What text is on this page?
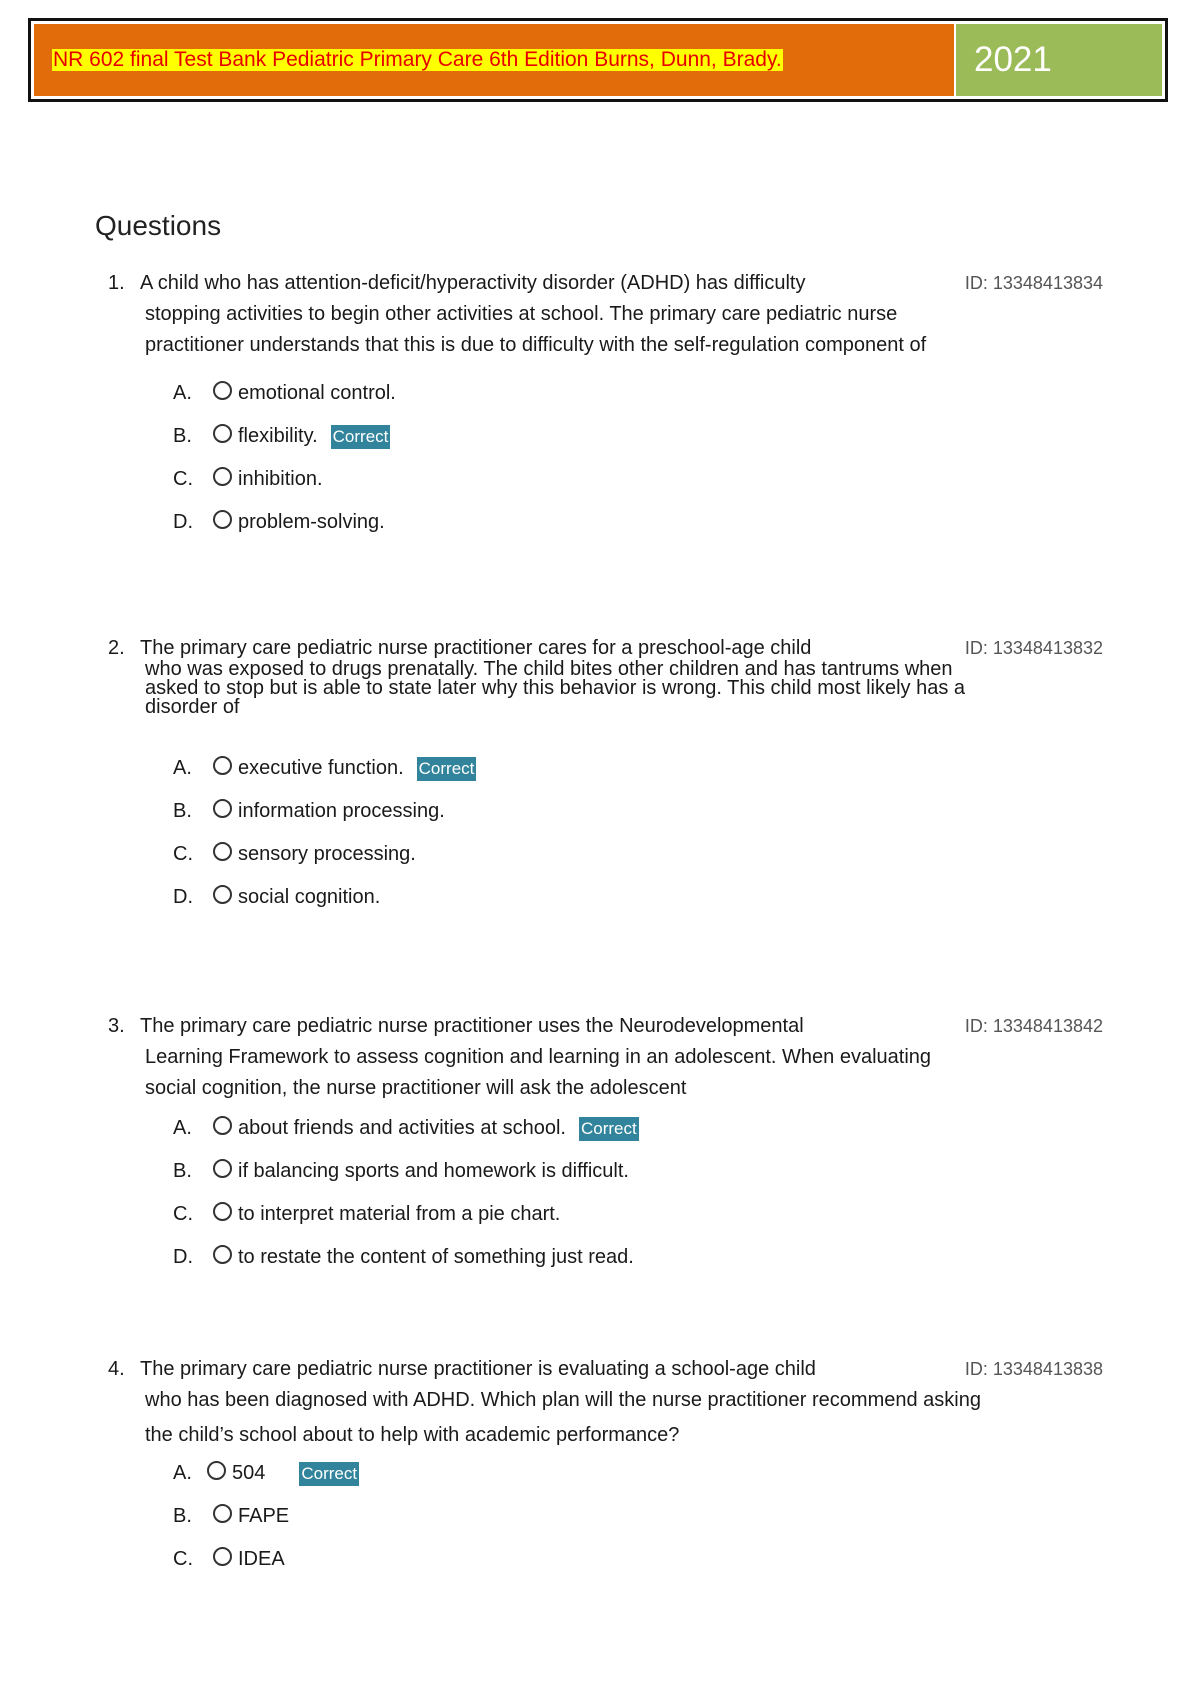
NR 602 final Test Bank Pediatric Primary Care 6th Edition Burns, Dunn, Brady.	2021
Questions
1. A child who has attention-deficit/hyperactivity disorder (ADHD) has difficulty
stopping activities to begin other activities at school. The primary care pediatric nurse
practitioner understands that this is due to difficulty with the self-regulation component of
ID: 13348413834
A.	emotional control.
B.	flexibility. Correct
C.	inhibition.
D.	problem-solving.
2. The primary care pediatric nurse practitioner cares for a preschool-age child
who was exposed to drugs prenatally. The child bites other children and has tantrums when
asked to stop but is able to state later why this behavior is wrong. This child most likely has a
disorder of
ID: 13348413832
A.	executive function. Correct
B.	information processing.
C.	sensory processing.
D.	social cognition.
3. The primary care pediatric nurse practitioner uses the Neurodevelopmental
Learning Framework to assess cognition and learning in an adolescent. When evaluating
social cognition, the nurse practitioner will ask the adolescent
ID: 13348413842
A.	about friends and activities at school. Correct
B.	if balancing sports and homework is difficult.
C.	to interpret material from a pie chart.
D.	to restate the content of something just read.
4. The primary care pediatric nurse practitioner is evaluating a school-age child
who has been diagnosed with ADHD. Which plan will the nurse practitioner recommend asking
the child’s school about to help with academic performance?
ID: 13348413838
A.	504 Correct
B.	FAPE
C.	IDEA
